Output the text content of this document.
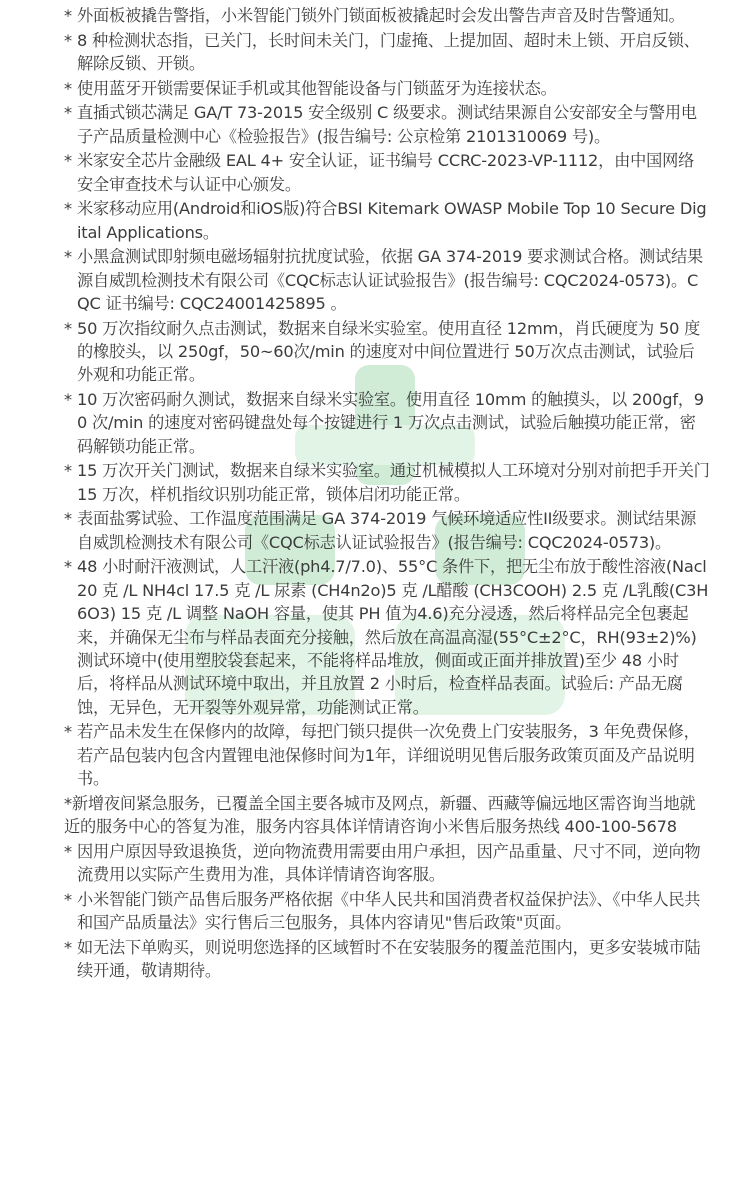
* 外面板被撬告警指，小米智能门锁外门锁面板被撬起时会发出警告声音及时告警通知。
* 8 种检测状态指，已关门，长时间未关门，门虚掩、上提加固、超时未上锁、开启反锁、解除反锁、开锁。
* 使用蓝牙开锁需要保证手机或其他智能设备与门锁蓝牙为连接状态。
* 直插式锁芯满足 GA/T 73-2015 安全级别 C 级要求。测试结果源自公安部安全与警用电子产品质量检测中心《检验报告》(报告编号: 公京检第 2101310069 号)。
* 米家安全芯片金融级 EAL 4+ 安全认证，证书编号 CCRC-2023-VP-1112，由中国网络安全审查技术与认证中心颁发。
* 米家移动应用(Android和iOS版)符合BSI Kitemark OWASP Mobile Top 10 Secure Digital Applications。
* 小黑盒测试即射频电磁场辐射抗扰度试验，依据 GA 374-2019 要求测试合格。测试结果源自威凯检测技术有限公司《CQC标志认证试验报告》(报告编号: CQC2024-0573)。CQC 证书编号: CQC24001425895 。
* 50 万次指纹耐久点击测试，数据来自绿米实验室。使用直径 12mm，肖氏硬度为 50 度的橡胶头，以 250gf，50~60次/min 的速度对中间位置进行 50万次点击测试，试验后外观和功能正常。
* 10 万次密码耐久测试，数据来自绿米实验室。使用直径 10mm 的触摸头，以 200gf，90 次/min 的速度对密码键盘处每个按键进行 1 万次点击测试，试验后触摸功能正常，密码解锁功能正常。
* 15 万次开关门测试，数据来自绿米实验室。通过机械模拟人工环境对分别对前把手开关门 15 万次，样机指纹识别功能正常，锁体启闭功能正常。
* 表面盐雾试验、工作温度范围满足 GA 374-2019 气候环境适应性II级要求。测试结果源自威凯检测技术有限公司《CQC标志认证试验报告》(报告编号: CQC2024-0573)。
* 48 小时耐汗液测试，人工汗液(ph4.7/7.0)、55°C 条件下，把无尘布放于酸性溶液(Nacl 20 克 /L NH4cl 17.5 克 /L 尿素 (CH4n2o)5 克 /L醋酸 (CH3COOH) 2.5 克 /L乳酸(C3H6O3) 15 克 /L 调整 NaOH 容量，使其 PH 值为4.6)充分浸透，然后将样品完全包裹起来，并确保无尘布与样品表面充分接触，然后放在高温高湿(55°C±2°C，RH(93±2)%)测试环境中(使用塑胶袋套起来，不能将样品堆放，侧面或正面并排放置)至少 48 小时后，将样品从测试环境中取出，并且放置 2 小时后，检查样品表面。试验后: 产品无腐蚀，无异色，无开裂等外观异常，功能测试正常。
* 若产品未发生在保修内的故障，每把门锁只提供一次免费上门安装服务，3 年免费保修，若产品包装内包含内置锂电池保修时间为1年，详细说明见售后服务政策页面及产品说明书。
*新增夜间紧急服务，已覆盖全国主要各城市及网点，新疆、西藏等偏远地区需咨询当地就近的服务中心的答复为准，服务内容具体详情请咨询小米售后服务热线 400-100-5678
* 因用户原因导致退换货，逆向物流费用需要由用户承担，因产品重量、尺寸不同，逆向物流费用以实际产生费用为准，具体详情请咨询客服。
* 小米智能门锁产品售后服务严格依据《中华人民共和国消费者权益保护法》、《中华人民共和国产品质量法》实行售后三包服务，具体内容请见"售后政策"页面。
* 如无法下单购买，则说明您选择的区域暂时不在安装服务的覆盖范围内，更多安装城市陆续开通，敬请期待。
